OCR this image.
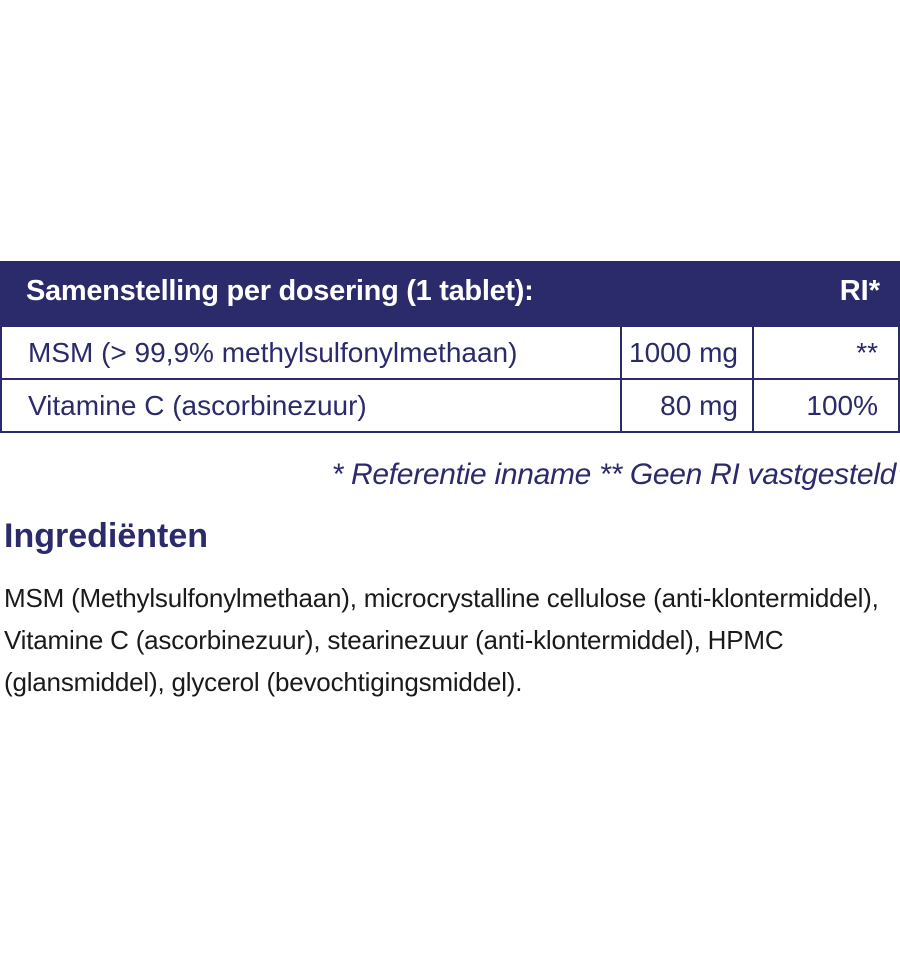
Samenstelling per dosering (1 tablet):	RI*
MSM (> 99,9% methylsulfonylmethaan)	1000 mg	**
Vitamine C (ascorbinezuur)	80 mg	100%
* Referentie inname ** Geen RI vastgesteld
Ingrediënten
MSM (Methylsulfonylmethaan), microcrystalline cellulose (anti-klontermiddel), Vitamine C (ascorbinezuur), stearinezuur (anti-klontermiddel), HPMC (glansmiddel), glycerol (bevochtigingsmiddel).
